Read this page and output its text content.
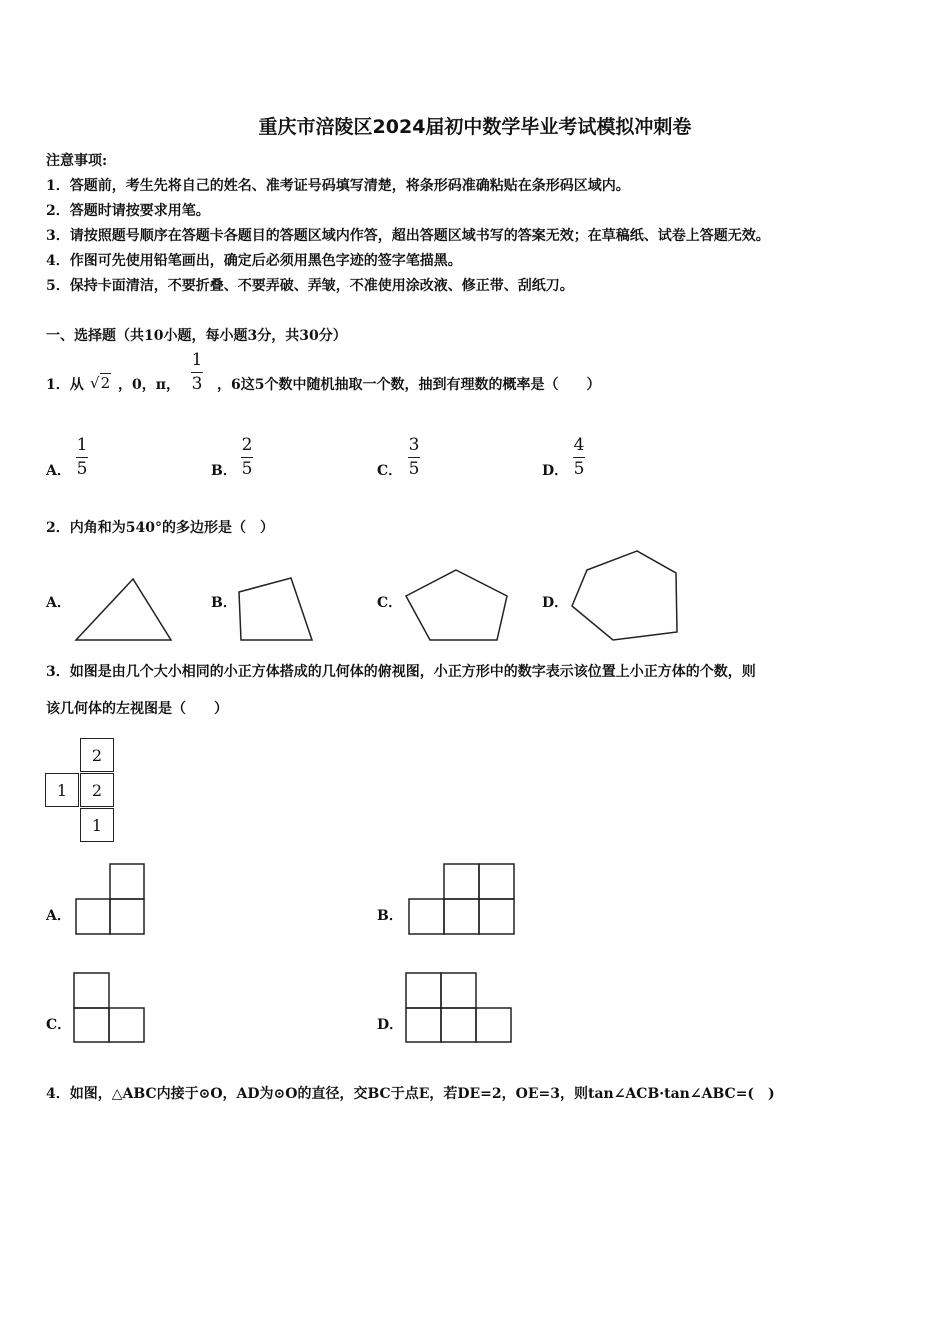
重庆市涪陵区2024届初中数学毕业考试模拟冲刺卷
注意事项:
1．答题前，考生先将自己的姓名、准考证号码填写清楚，将条形码准确粘贴在条形码区域内。
2．答题时请按要求用笔。
3．请按照题号顺序在答题卡各题目的答题区域内作答，超出答题区域书写的答案无效；在草稿纸、试卷上答题无效。
4．作图可先使用铅笔画出，确定后必须用黑色字迹的签字笔描黑。
5．保持卡面清洁，不要折叠、不要弄破、弄皱，不准使用涂改液、修正带、刮纸刀。
一、选择题（共10小题，每小题3分，共30分）
1．从 √2 ，0，π，
1
3 ，6这5个数中随机抽取一个数，抽到有理数的概率是（　　）
A．
1
5	B．
2
5	C．
3
5	D．
4
5
2．内角和为540°的多边形是（　）
A．	B．	C．	D．
3．如图是由几个大小相同的小正方体搭成的几何体的俯视图，小正方形中的数字表示该位置上小正方体的个数，则
该几何体的左视图是（　　）
2
1	2
1
A．	B．
C．	D．
4．如图，△ABC内接于⊙O，AD为⊙O的直径，交BC于点E，若DE=2，OE=3，则tan∠ACB·tan∠ABC=(　)
